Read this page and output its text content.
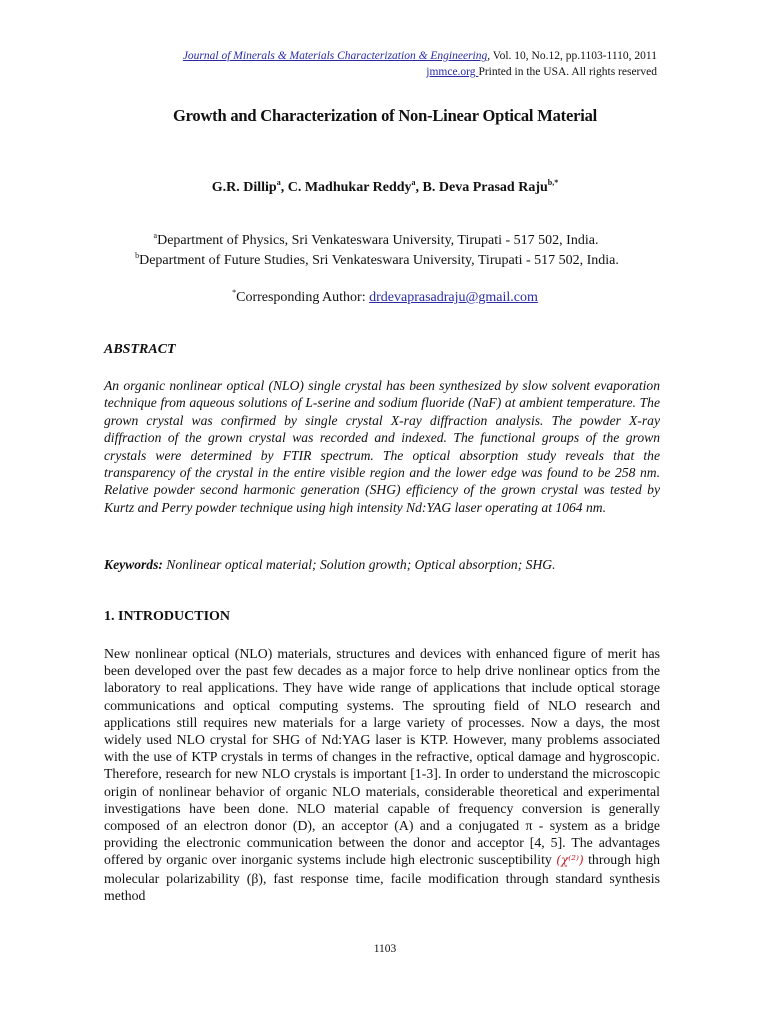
Journal of Minerals & Materials Characterization & Engineering, Vol. 10, No.12, pp.1103-1110, 2011
jmmce.org Printed in the USA. All rights reserved
Growth and Characterization of Non-Linear Optical Material
G.R. Dillip$^a$, C. Madhukar Reddy$^a$, B. Deva Prasad Raju$^{b,*}$
$^a$Department of Physics, Sri Venkateswara University, Tirupati - 517 502, India.
$^b$Department of Future Studies, Sri Venkateswara University, Tirupati - 517 502, India.
*Corresponding Author: drdevaprasadraju@gmail.com
ABSTRACT
An organic nonlinear optical (NLO) single crystal has been synthesized by slow solvent evaporation technique from aqueous solutions of L-serine and sodium fluoride (NaF) at ambient temperature. The grown crystal was confirmed by single crystal X-ray diffraction analysis. The powder X-ray diffraction of the grown crystal was recorded and indexed. The functional groups of the grown crystals were determined by FTIR spectrum. The optical absorption study reveals that the transparency of the crystal in the entire visible region and the lower edge was found to be 258 nm. Relative powder second harmonic generation (SHG) efficiency of the grown crystal was tested by Kurtz and Perry powder technique using high intensity Nd:YAG laser operating at 1064 nm.
Keywords: Nonlinear optical material; Solution growth; Optical absorption; SHG.
1. INTRODUCTION
New nonlinear optical (NLO) materials, structures and devices with enhanced figure of merit has been developed over the past few decades as a major force to help drive nonlinear optics from the laboratory to real applications. They have wide range of applications that include optical storage communications and optical computing systems. The sprouting field of NLO research and applications still requires new materials for a large variety of processes. Now a days, the most widely used NLO crystal for SHG of Nd:YAG laser is KTP. However, many problems associated with the use of KTP crystals in terms of changes in the refractive, optical damage and hygroscopic. Therefore, research for new NLO crystals is important [1-3]. In order to understand the microscopic origin of nonlinear behavior of organic NLO materials, considerable theoretical and experimental investigations have been done. NLO material capable of frequency conversion is generally composed of an electron donor (D), an acceptor (A) and a conjugated π - system as a bridge providing the electronic communication between the donor and acceptor [4, 5]. The advantages offered by organic over inorganic systems include high electronic susceptibility (χ⁽²⁾) through high molecular polarizability (β), fast response time, facile modification through standard synthesis method
1103
